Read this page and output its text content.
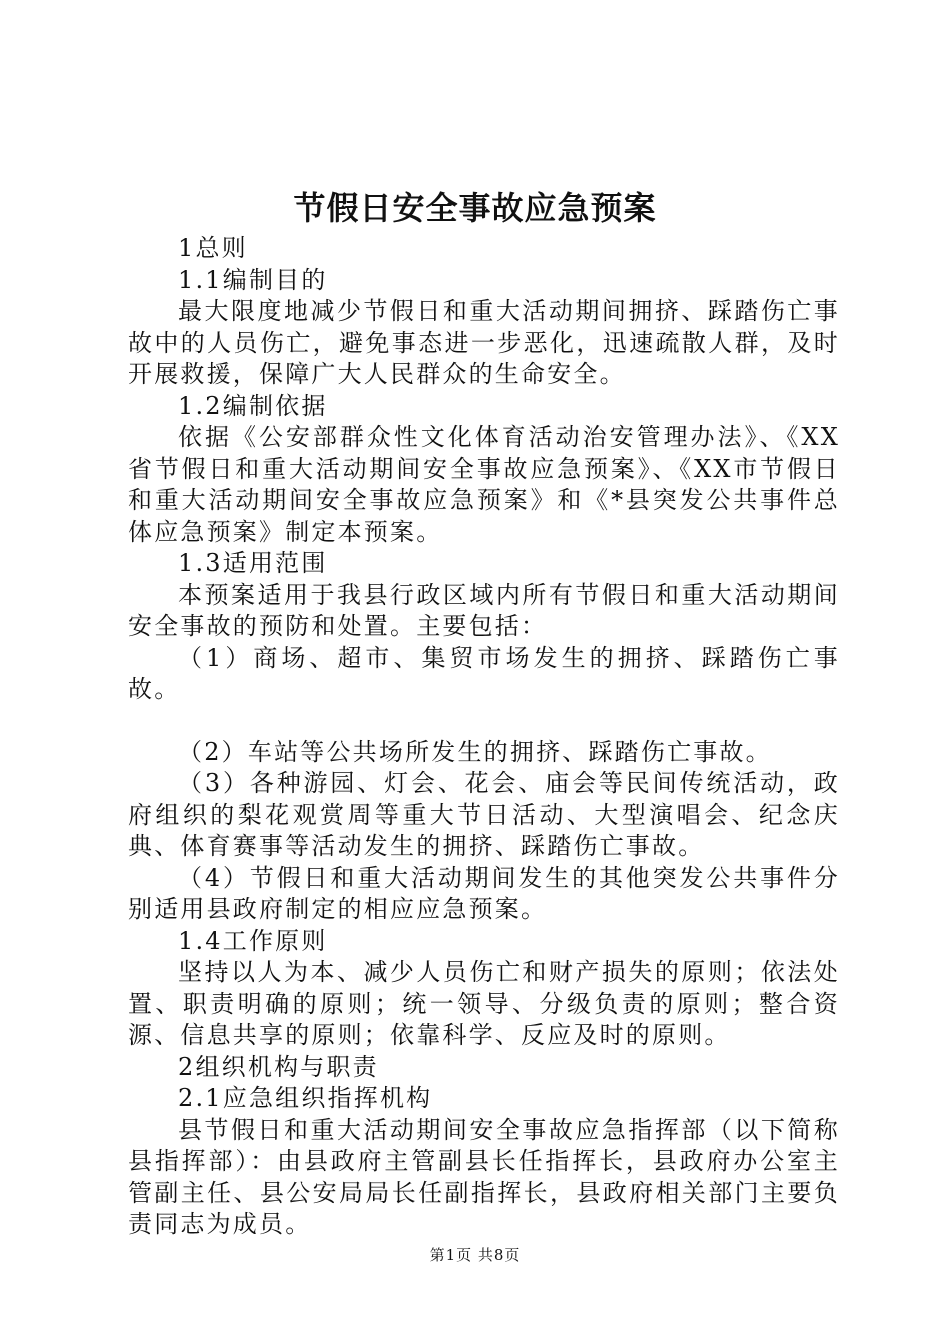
节假日安全事故应急预案

1总则

1.1编制目的

最大限度地减少节假日和重大活动期间拥挤、踩踏伤亡事故中的人员伤亡，避免事态进一步恶化，迅速疏散人群，及时开展救援，保障广大人民群众的生命安全。

1.2编制依据

依据《公安部群众性文化体育活动治安管理办法》、《XX省节假日和重大活动期间安全事故应急预案》、《XX市节假日和重大活动期间安全事故应急预案》和《*县突发公共事件总体应急预案》制定本预案。

1.3适用范围

本预案适用于我县行政区域内所有节假日和重大活动期间安全事故的预防和处置。主要包括：

（1）商场、超市、集贸市场发生的拥挤、踩踏伤亡事故。

（2）车站等公共场所发生的拥挤、踩踏伤亡事故。

（3）各种游园、灯会、花会、庙会等民间传统活动，政府组织的梨花观赏周等重大节日活动、大型演唱会、纪念庆典、体育赛事等活动发生的拥挤、踩踏伤亡事故。

（4）节假日和重大活动期间发生的其他突发公共事件分别适用县政府制定的相应应急预案。

1.4工作原则

坚持以人为本、减少人员伤亡和财产损失的原则；依法处置、职责明确的原则；统一领导、分级负责的原则；整合资源、信息共享的原则；依靠科学、反应及时的原则。

2组织机构与职责

2.1应急组织指挥机构

县节假日和重大活动期间安全事故应急指挥部（以下简称县指挥部）：由县政府主管副县长任指挥长，县政府办公室主管副主任、县公安局局长任副指挥长，县政府相关部门主要负责同志为成员。

第1页 共8页
